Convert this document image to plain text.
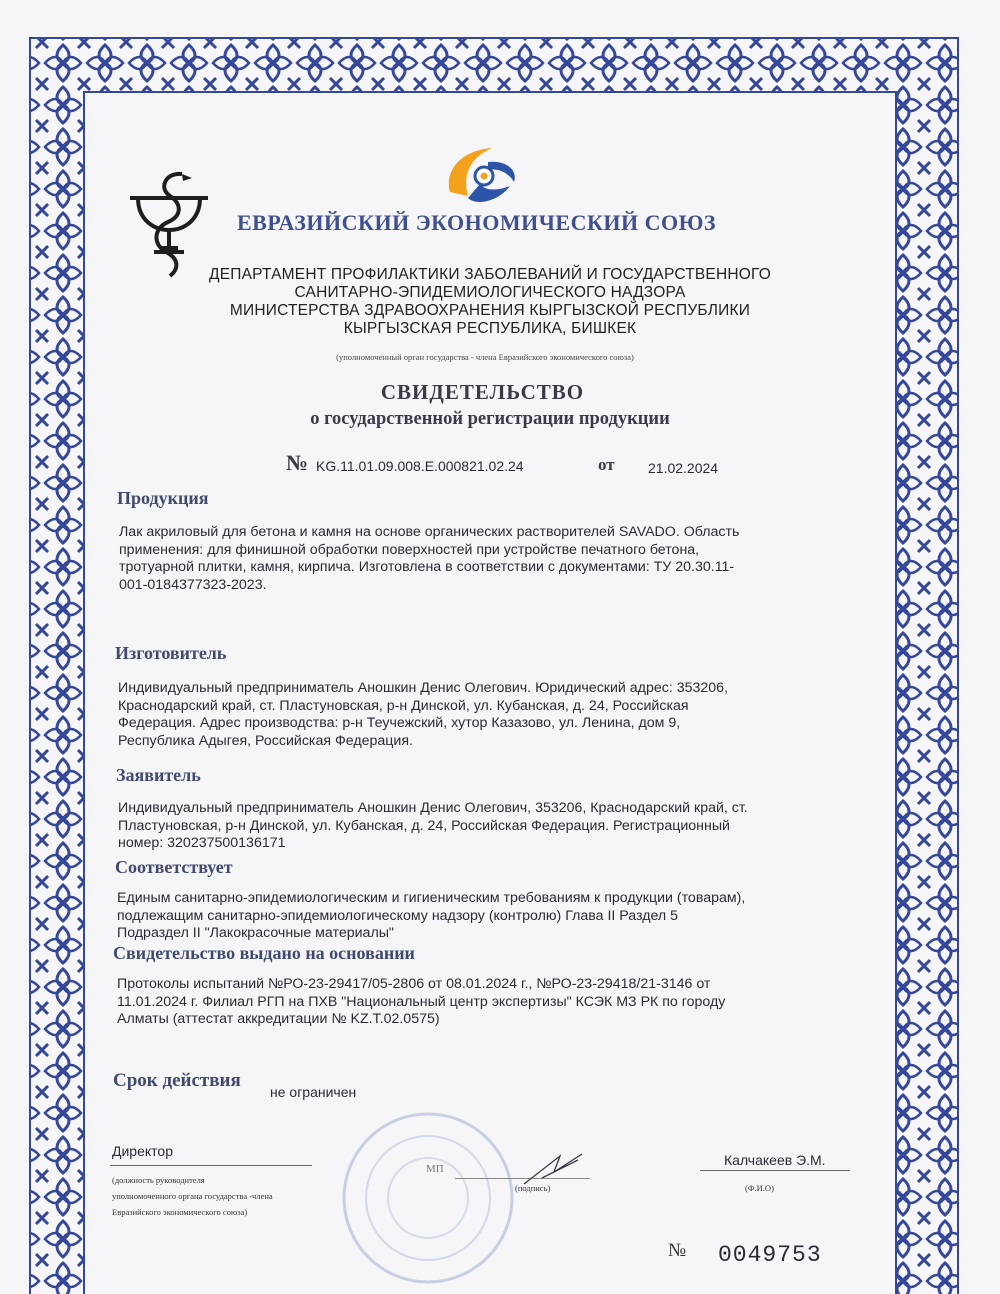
ЕВРАЗИЙСКИЙ ЭКОНОМИЧЕСКИЙ СОЮЗ
ДЕПАРТАМЕНТ ПРОФИЛАКТИКИ ЗАБОЛЕВАНИЙ И ГОСУДАРСТВЕННОГО
САНИТАРНО-ЭПИДЕМИОЛОГИЧЕСКОГО НАДЗОРА
МИНИСТЕРСТВА ЗДРАВООХРАНЕНИЯ КЫРГЫЗСКОЙ РЕСПУБЛИКИ
КЫРГЫЗСКАЯ РЕСПУБЛИКА, БИШКЕК
(уполномоченный орган государства - члена Евразийского экономического союза)
СВИДЕТЕЛЬСТВО
о государственной регистрации продукции
№ KG.11.01.09.008.E.000821.02.24	от 21.02.2024
Продукция
Лак акриловый для бетона и камня на основе органических растворителей SAVADO. Область
применения: для финишной обработки поверхностей при устройстве печатного бетона,
тротуарной плитки, камня, кирпича. Изготовлена в соответствии с документами: ТУ 20.30.11-
001-0184377323-2023.
Изготовитель
Индивидуальный предприниматель Аношкин Денис Олегович. Юридический адрес: 353206,
Краснодарский край, ст. Пластуновская, р-н Динской, ул. Кубанская, д. 24, Российская
Федерация. Адрес производства: р-н Теучежский, хутор Казазово, ул. Ленина, дом 9,
Республика Адыгея, Российская Федерация.
Заявитель
Индивидуальный предприниматель Аношкин Денис Олегович, 353206, Краснодарский край, ст.
Пластуновская, р-н Динской, ул. Кубанская, д. 24, Российская Федерация. Регистрационный
номер: 320237500136171
Соответствует
Единым санитарно-эпидемиологическим и гигиеническим требованиям к продукции (товарам),
подлежащим санитарно-эпидемиологическому надзору (контролю) Глава II Раздел 5
Подраздел II "Лакокрасочные материалы"
Свидетельство выдано на основании
Протоколы испытаний №РО-23-29417/05-2806 от 08.01.2024 г., №РО-23-29418/21-3146 от
11.01.2024 г. Филиал РГП на ПХВ "Национальный центр экспертизы" КСЭК МЗ РК по городу
Алматы (аттестат аккредитации № KZ.T.02.0575)
Срок действия
не ограничен
Директор
(должность руководителя
уполномоченного органа государства -члена
Евразийского экономического союза)
МП
(подпись)
Калчакеев Э.М.
(Ф.И.О)
№ 0049753
